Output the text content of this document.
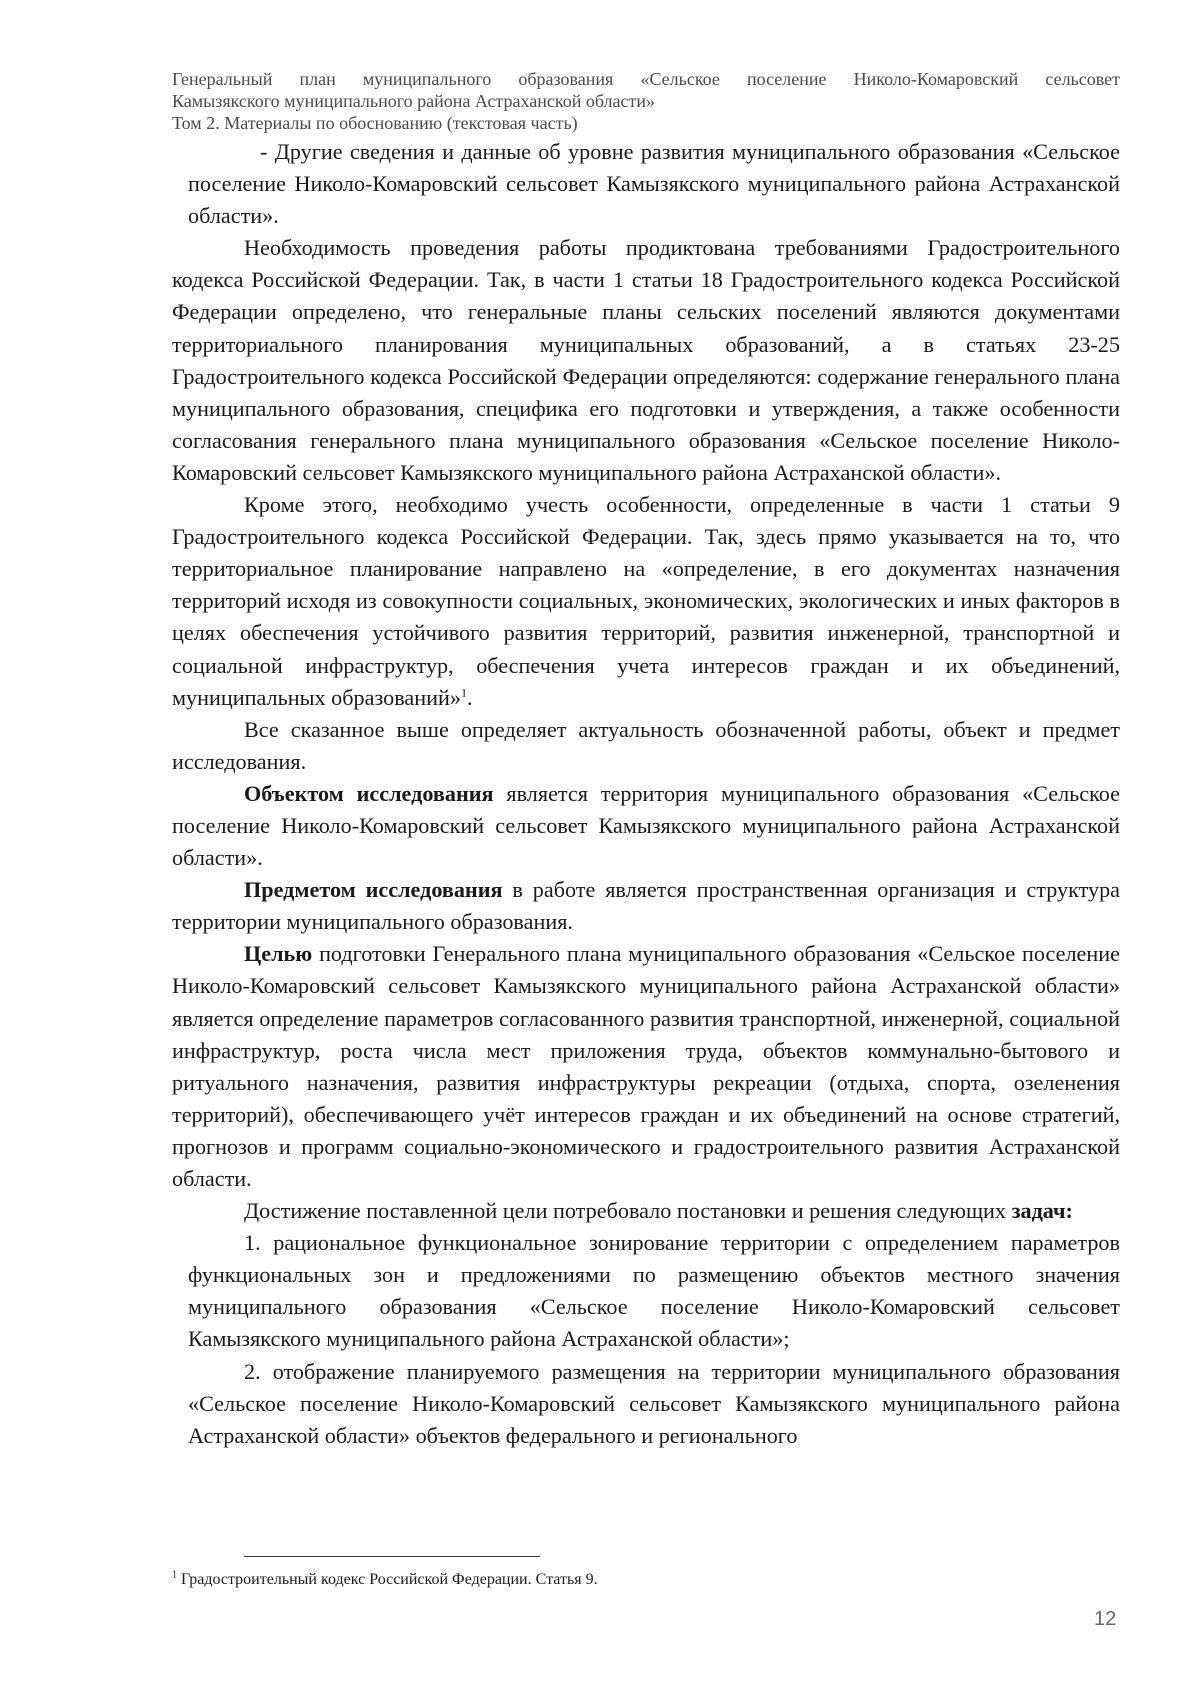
Генеральный план муниципального образования «Сельское поселение Николо-Комаровский сельсовет
Камызякского муниципального района Астраханской области»
Том 2. Материалы по обоснованию (текстовая часть)

- Другие сведения и данные об уровне развития муниципального образования «Сельское поселение Николо-Комаровский сельсовет Камызякского муниципального района Астраханской области».

Необходимость проведения работы продиктована требованиями Градостроительного кодекса Российской Федерации. Так, в части 1 статьи 18 Градостроительного кодекса Российской Федерации определено, что генеральные планы сельских поселений являются документами территориального планирования муниципальных образований, а в статьях 23-25 Градостроительного кодекса Российской Федерации определяются: содержание генерального плана муниципального образования, специфика его подготовки и утверждения, а также особенности согласования генерального плана муниципального образования «Сельское поселение Николо-Комаровский сельсовет Камызякского муниципального района Астраханской области».

Кроме этого, необходимо учесть особенности, определенные в части 1 статьи 9 Градостроительного кодекса Российской Федерации. Так, здесь прямо указывается на то, что территориальное планирование направлено на «определение, в его документах назначения территорий исходя из совокупности социальных, экономических, экологических и иных факторов в целях обеспечения устойчивого развития территорий, развития инженерной, транспортной и социальной инфраструктур, обеспечения учета интересов граждан и их объединений, муниципальных образований»$^1$.

Все сказанное выше определяет актуальность обозначенной работы, объект и предмет исследования.

Объектом исследования является территория муниципального образования «Сельское поселение Николо-Комаровский сельсовет Камызякского муниципального района Астраханской области».

Предметом исследования в работе является пространственная организация и структура территории муниципального образования.

Целью подготовки Генерального плана муниципального образования «Сельское поселение Николо-Комаровский сельсовет Камызякского муниципального района Астраханской области» является определение параметров согласованного развития транспортной, инженерной, социальной инфраструктур, роста числа мест приложения труда, объектов коммунально-бытового и ритуального назначения, развития инфраструктуры рекреации (отдыха, спорта, озеленения территорий), обеспечивающего учёт интересов граждан и их объединений на основе стратегий, прогнозов и программ социально-экономического и градостроительного развития Астраханской области.

Достижение поставленной цели потребовало постановки и решения следующих задач:

1. рациональное функциональное зонирование территории с определением параметров функциональных зон и предложениями по размещению объектов местного значения муниципального образования «Сельское поселение Николо-Комаровский сельсовет Камызякского муниципального района Астраханской области»;

2. отображение планируемого размещения на территории муниципального образования «Сельское поселение Николо-Комаровский сельсовет Камызякского муниципального района Астраханской области» объектов федерального и регионального

$^1$ Градостроительный кодекс Российской Федерации. Статья 9.
12
